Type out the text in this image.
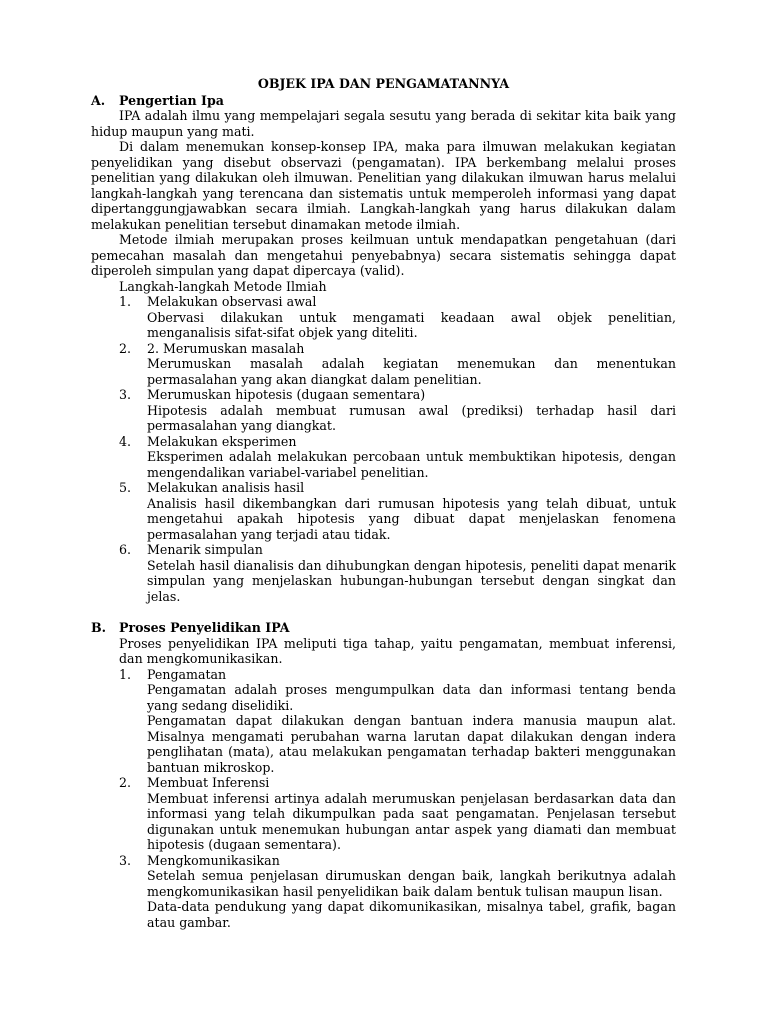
OBJEK IPA DAN PENGAMATANNYA

A.	Pengertian Ipa

IPA adalah ilmu yang mempelajari segala sesutu yang berada di sekitar kita baik yang hidup maupun yang mati.

Di dalam menemukan konsep-konsep IPA, maka para ilmuwan melakukan kegiatan penyelidikan yang disebut observazi (pengamatan). IPA berkembang melalui proses penelitian yang dilakukan oleh ilmuwan. Penelitian yang dilakukan ilmuwan harus melalui langkah-langkah yang terencana dan sistematis untuk memperoleh informasi yang dapat dipertanggungjawabkan secara ilmiah. Langkah-langkah yang harus dilakukan dalam melakukan penelitian tersebut dinamakan metode ilmiah.

Metode ilmiah merupakan proses keilmuan untuk mendapatkan pengetahuan (dari pemecahan masalah dan mengetahui penyebabnya) secara sistematis sehingga dapat diperoleh simpulan yang dapat dipercaya (valid).

Langkah-langkah Metode Ilmiah

1.	Melakukan observasi awal

Obervasi dilakukan untuk mengamati keadaan awal objek penelitian, menganalisis sifat-sifat objek yang diteliti.

2.	2. Merumuskan masalah

Merumuskan masalah adalah kegiatan menemukan dan menentukan permasalahan yang akan diangkat dalam penelitian.

3.	Merumuskan hipotesis (dugaan sementara)

Hipotesis adalah membuat rumusan awal (prediksi) terhadap hasil dari permasalahan yang diangkat.

4.	Melakukan eksperimen

Eksperimen adalah melakukan percobaan untuk membuktikan hipotesis, dengan mengendalikan variabel-variabel penelitian.

5.	Melakukan analisis hasil

Analisis hasil dikembangkan dari rumusan hipotesis yang telah dibuat, untuk mengetahui apakah hipotesis yang dibuat dapat menjelaskan fenomena permasalahan yang terjadi atau tidak.

6.	Menarik simpulan

Setelah hasil dianalisis dan dihubungkan dengan hipotesis, peneliti dapat menarik simpulan yang menjelaskan hubungan-hubungan tersebut dengan singkat dan jelas.

B.	Proses Penyelidikan IPA

Proses penyelidikan IPA meliputi tiga tahap, yaitu pengamatan, membuat inferensi, dan mengkomunikasikan.

1.	Pengamatan

Pengamatan adalah proses mengumpulkan data dan informasi tentang benda yang sedang diselidiki.

Pengamatan dapat dilakukan dengan bantuan indera manusia maupun alat. Misalnya mengamati perubahan warna larutan dapat dilakukan dengan indera penglihatan (mata), atau melakukan pengamatan terhadap bakteri menggunakan bantuan mikroskop.

2.	Membuat Inferensi

Membuat inferensi artinya adalah merumuskan penjelasan berdasarkan data dan informasi yang telah dikumpulkan pada saat pengamatan. Penjelasan tersebut digunakan untuk menemukan hubungan antar aspek yang diamati dan membuat hipotesis (dugaan sementara).

3.	Mengkomunikasikan

Setelah semua penjelasan dirumuskan dengan baik, langkah berikutnya adalah mengkomunikasikan hasil penyelidikan baik dalam bentuk tulisan maupun lisan.

Data-data pendukung yang dapat dikomunikasikan, misalnya tabel, grafik, bagan atau gambar.
